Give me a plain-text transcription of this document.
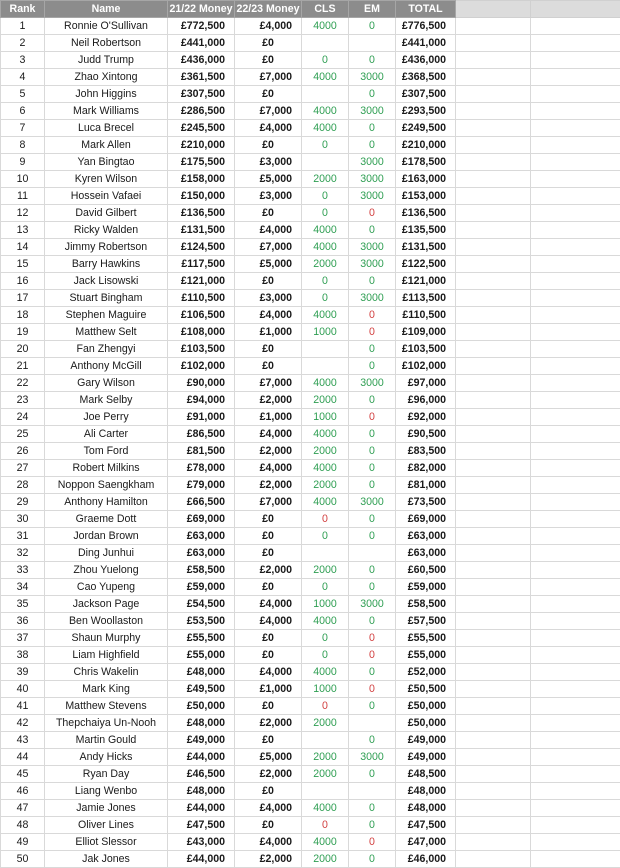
Rank	Name	21/22 Money	22/23 Money	CLS	EM	TOTAL		
1	Ronnie O'Sullivan	£772,500	£4,000	4000	0	£776,500		
2	Neil Robertson	£441,000	£0			£441,000		
3	Judd Trump	£436,000	£0	0	0	£436,000		
4	Zhao Xintong	£361,500	£7,000	4000	3000	£368,500		
5	John Higgins	£307,500	£0		0	£307,500		
6	Mark Williams	£286,500	£7,000	4000	3000	£293,500		
7	Luca Brecel	£245,500	£4,000	4000	0	£249,500		
8	Mark Allen	£210,000	£0	0	0	£210,000		
9	Yan Bingtao	£175,500	£3,000		3000	£178,500		
10	Kyren Wilson	£158,000	£5,000	2000	3000	£163,000		
11	Hossein Vafaei	£150,000	£3,000	0	3000	£153,000		
12	David Gilbert	£136,500	£0	0	0	£136,500		
13	Ricky Walden	£131,500	£4,000	4000	0	£135,500		
14	Jimmy Robertson	£124,500	£7,000	4000	3000	£131,500		
15	Barry Hawkins	£117,500	£5,000	2000	3000	£122,500		
16	Jack Lisowski	£121,000	£0	0	0	£121,000		
17	Stuart Bingham	£110,500	£3,000	0	3000	£113,500		
18	Stephen Maguire	£106,500	£4,000	4000	0	£110,500		
19	Matthew Selt	£108,000	£1,000	1000	0	£109,000		
20	Fan Zhengyi	£103,500	£0		0	£103,500		
21	Anthony McGill	£102,000	£0		0	£102,000		
22	Gary Wilson	£90,000	£7,000	4000	3000	£97,000		
23	Mark Selby	£94,000	£2,000	2000	0	£96,000		
24	Joe Perry	£91,000	£1,000	1000	0	£92,000		
25	Ali Carter	£86,500	£4,000	4000	0	£90,500		
26	Tom Ford	£81,500	£2,000	2000	0	£83,500		
27	Robert Milkins	£78,000	£4,000	4000	0	£82,000		
28	Noppon Saengkham	£79,000	£2,000	2000	0	£81,000		
29	Anthony Hamilton	£66,500	£7,000	4000	3000	£73,500		
30	Graeme Dott	£69,000	£0	0	0	£69,000		
31	Jordan Brown	£63,000	£0	0	0	£63,000		
32	Ding Junhui	£63,000	£0			£63,000		
33	Zhou Yuelong	£58,500	£2,000	2000	0	£60,500		
34	Cao Yupeng	£59,000	£0	0	0	£59,000		
35	Jackson Page	£54,500	£4,000	1000	3000	£58,500		
36	Ben Woollaston	£53,500	£4,000	4000	0	£57,500		
37	Shaun Murphy	£55,500	£0	0	0	£55,500		
38	Liam Highfield	£55,000	£0	0	0	£55,000		
39	Chris Wakelin	£48,000	£4,000	4000	0	£52,000		
40	Mark King	£49,500	£1,000	1000	0	£50,500		
41	Matthew Stevens	£50,000	£0	0	0	£50,000		
42	Thepchaiya Un-Nooh	£48,000	£2,000	2000		£50,000		
43	Martin Gould	£49,000	£0		0	£49,000		
44	Andy Hicks	£44,000	£5,000	2000	3000	£49,000		
45	Ryan Day	£46,500	£2,000	2000	0	£48,500		
46	Liang Wenbo	£48,000	£0			£48,000		
47	Jamie Jones	£44,000	£4,000	4000	0	£48,000		
48	Oliver Lines	£47,500	£0	0	0	£47,500		
49	Elliot Slessor	£43,000	£4,000	4000	0	£47,000		
50	Jak Jones	£44,000	£2,000	2000	0	£46,000		
